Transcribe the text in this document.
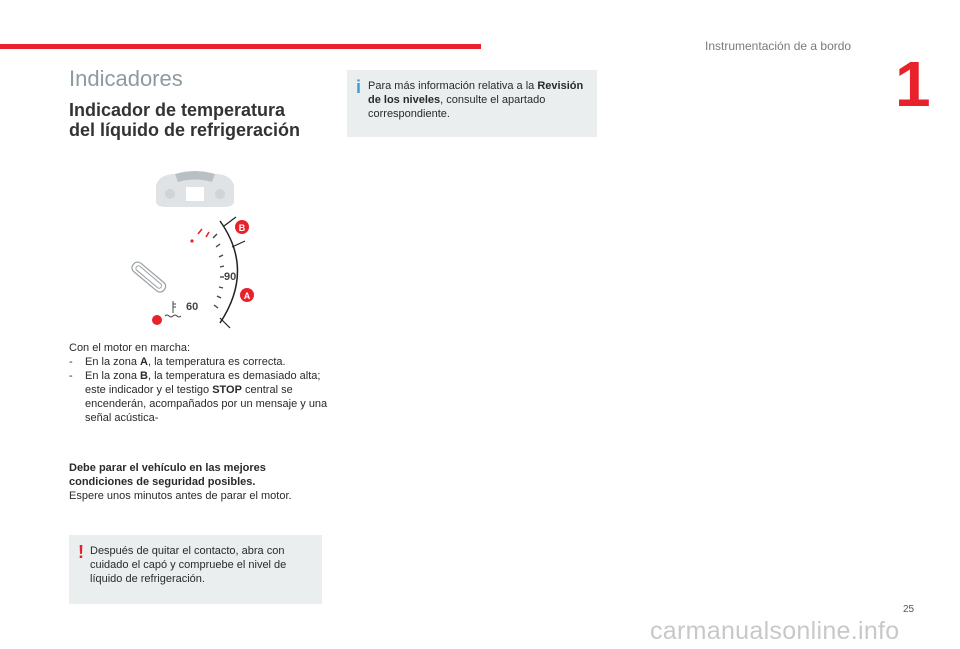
Instrumentación de a bordo
1
Indicadores
Indicador de temperatura
del líquido de refrigeración
90
60
B
A

Con el motor en marcha:

-	En la zona A, la temperatura es correcta.
-	En la zona B, la temperatura es demasiado alta; este indicador y el testigo STOP central se encenderán, acompañados por un mensaje y una señal acústica-

Debe parar el vehículo en las mejores condiciones de seguridad posibles.

Espere unos minutos antes de parar el motor.

! Después de quitar el contacto, abra con cuidado el capó y compruebe el nivel de líquido de refrigeración.

i Para más información relativa a la Revisión de los niveles, consulte el apartado correspondiente.

25
carmanualsonline.info
